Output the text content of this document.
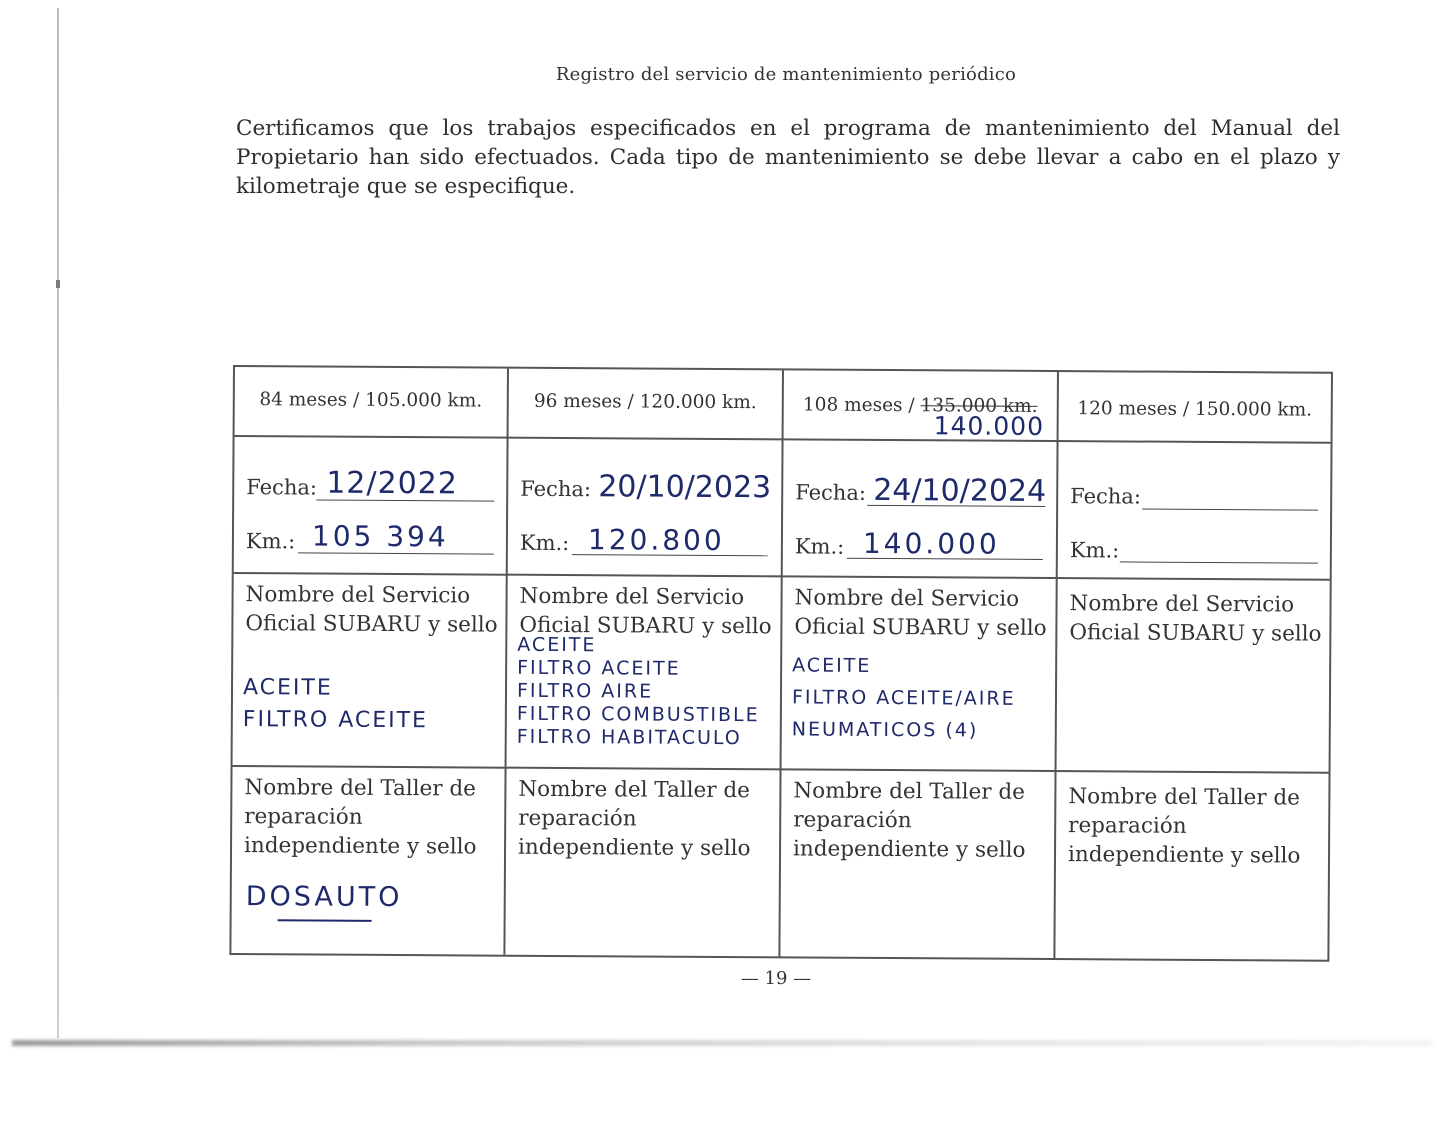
Registro del servicio de mantenimiento periódico
Certificamos que los trabajos especificados en el programa de mantenimiento del Manual del Propietario han sido efectuados. Cada tipo de mantenimiento se debe llevar a cabo en el plazo y kilometraje que se especifique.
84 meses / 105.000 km.
Fecha: 12/2022
Km.: 105 394
Nombre del Servicio Oficial SUBARU y sello
ACEITE
FILTRO ACEITE
Nombre del Taller de reparación independiente y sello
DOSAUTO
96 meses / 120.000 km.
Fecha: 20/10/2023
Km.: 120.800
Nombre del Servicio Oficial SUBARU y sello
ACEITE
FILTRO ACEITE
FILTRO AIRE
FILTRO COMBUSTIBLE
FILTRO HABITACULO
Nombre del Taller de reparación independiente y sello
108 meses / 135.000 km.
140.000
Fecha: 24/10/2024
Km.: 140.000
Nombre del Servicio Oficial SUBARU y sello
ACEITE
FILTRO ACEITE/AIRE
NEUMATICOS (4)
Nombre del Taller de reparación independiente y sello
120 meses / 150.000 km.
Fecha:
Km.:
Nombre del Servicio Oficial SUBARU y sello
Nombre del Taller de reparación independiente y sello
— 19 —
